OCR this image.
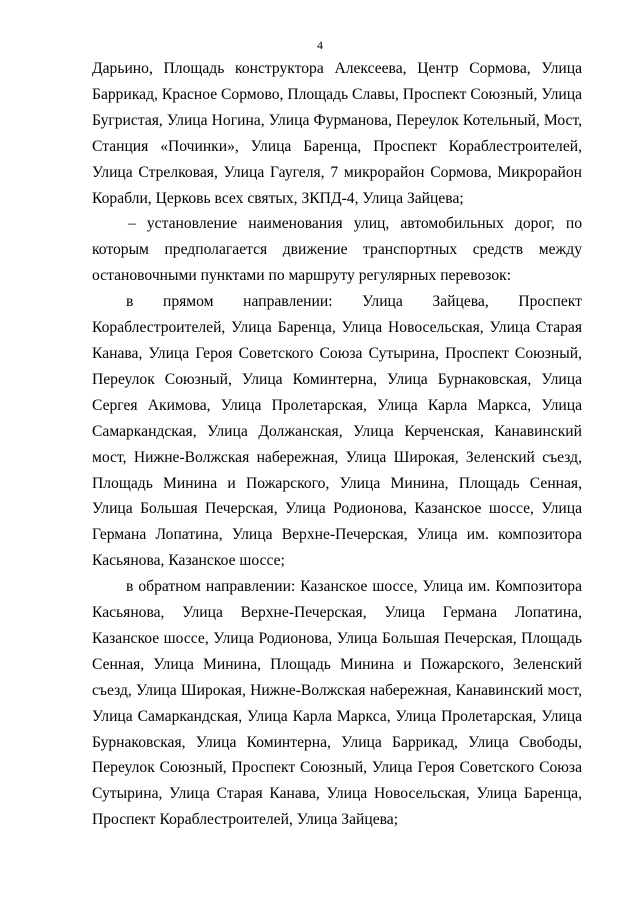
4

Дарьино, Площадь конструктора Алексеева, Центр Сормова, Улица Баррикад, Красное Сормово, Площадь Славы, Проспект Союзный, Улица Бугристая, Улица Ногина, Улица Фурманова, Переулок Котельный, Мост, Станция «Починки», Улица Баренца, Проспект Кораблестроителей, Улица Стрелковая, Улица Гаугеля, 7 микрорайон Сормова, Микрорайон Корабли, Церковь всех святых, ЗКПД-4, Улица Зайцева;

– установление наименования улиц, автомобильных дорог, по которым предполагается движение транспортных средств между остановочными пунктами по маршруту регулярных перевозок:

в прямом направлении: Улица Зайцева, Проспект Кораблестроителей, Улица Баренца, Улица Новосельская, Улица Старая Канава, Улица Героя Советского Союза Сутырина, Проспект Союзный, Переулок Союзный, Улица Коминтерна, Улица Бурнаковская, Улица Сергея Акимова, Улица Пролетарская, Улица Карла Маркса, Улица Самаркандская, Улица Должанская, Улица Керченская, Канавинский мост, Нижне-Волжская набережная, Улица Широкая, Зеленский съезд, Площадь Минина и Пожарского, Улица Минина, Площадь Сенная, Улица Большая Печерская, Улица Родионова, Казанское шоссе, Улица Германа Лопатина, Улица Верхне-Печерская, Улица им. композитора Касьянова, Казанское шоссе;

в обратном направлении: Казанское шоссе, Улица им. Композитора Касьянова, Улица Верхне-Печерская, Улица Германа Лопатина, Казанское шоссе, Улица Родионова, Улица Большая Печерская, Площадь Сенная, Улица Минина, Площадь Минина и Пожарского, Зеленский съезд, Улица Широкая, Нижне-Волжская набережная, Канавинский мост, Улица Самаркандская, Улица Карла Маркса, Улица Пролетарская, Улица Бурнаковская, Улица Коминтерна, Улица Баррикад, Улица Свободы, Переулок Союзный, Проспект Союзный, Улица Героя Советского Союза Сутырина, Улица Старая Канава, Улица Новосельская, Улица Баренца, Проспект Кораблестроителей, Улица Зайцева;
